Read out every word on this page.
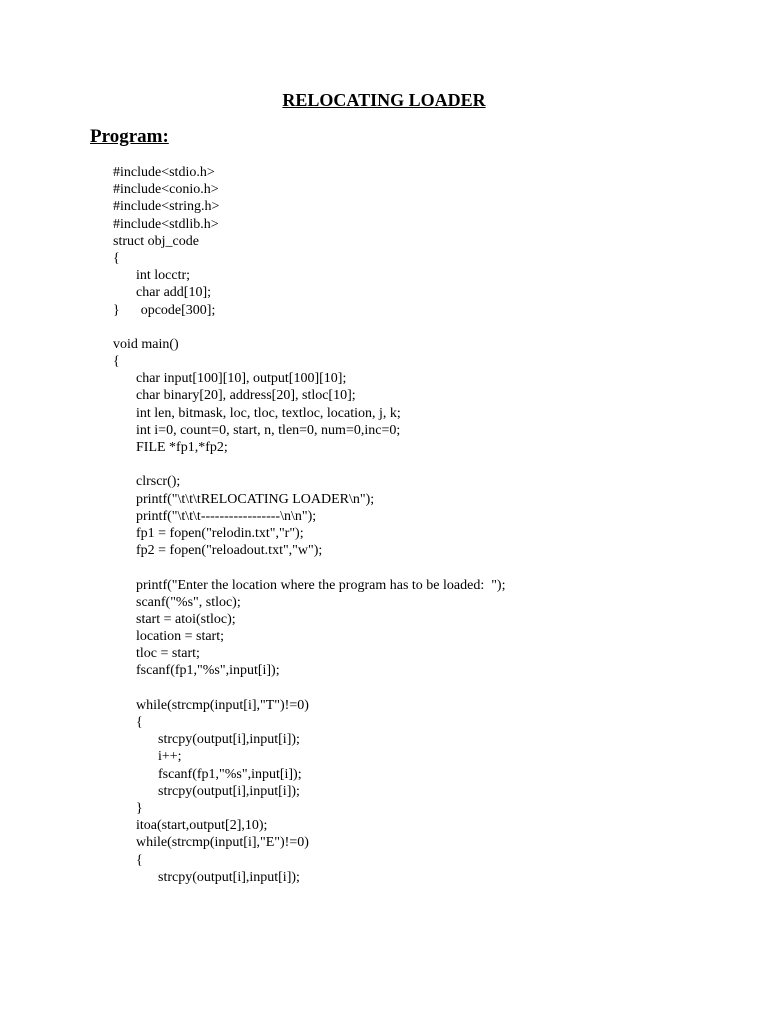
RELOCATING LOADER
Program:
#include<stdio.h>
#include<conio.h>
#include<string.h>
#include<stdlib.h>
struct obj_code
{
int locctr;
char add[10];
}      opcode[300];
void main()
{
char input[100][10], output[100][10];
char binary[20], address[20], stloc[10];
int len, bitmask, loc, tloc, textloc, location, j, k;
int i=0, count=0, start, n, tlen=0, num=0,inc=0;
FILE *fp1,*fp2;
clrscr();
printf("\t\t\tRELOCATING LOADER\n");
printf("\t\t\t-----------------\n\n");
fp1 = fopen("relodin.txt","r");
fp2 = fopen("reloadout.txt","w");
printf("Enter the location where the program has to be loaded:  ");
scanf("%s", stloc);
start = atoi(stloc);
location = start;
tloc = start;
fscanf(fp1,"%s",input[i]);
while(strcmp(input[i],"T")!=0)
{
strcpy(output[i],input[i]);
i++;
fscanf(fp1,"%s",input[i]);
strcpy(output[i],input[i]);
}
itoa(start,output[2],10);
while(strcmp(input[i],"E")!=0)
{
strcpy(output[i],input[i]);
